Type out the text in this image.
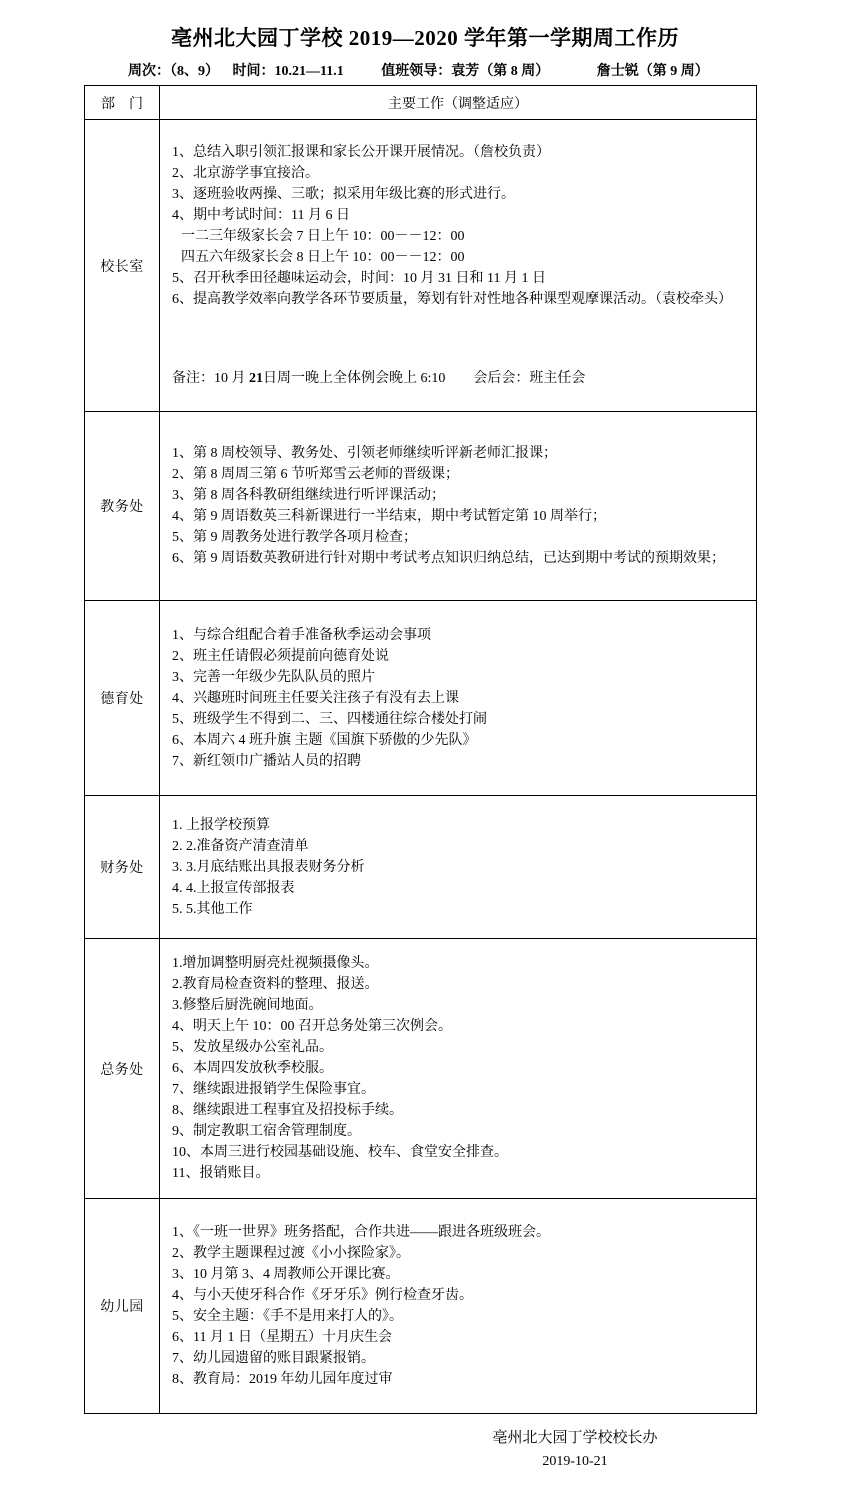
亳州北大园丁学校 2019—2020 学年第一学期周工作历
周次：（8、9） 时间：10.21—11.1	值班领导：袁芳（第 8 周）	詹士锐（第 9 周）
部　门	主要工作（调整适应）
校长室	
1、总结入职引领汇报课和家长公开课开展情况。（詹校负责）
2、北京游学事宜接洽。
3、逐班验收两操、三歌；拟采用年级比赛的形式进行。
4、期中考试时间：11 月 6 日
一二三年级家长会 7 日上午 10：00－－12：00
四五六年级家长会 8 日上午 10：00－－12：00
5、召开秋季田径趣味运动会，时间：10 月 31 日和 11 月 1 日
6、提高教学效率向教学各环节要质量，筹划有针对性地各种课型观摩课活动。（袁校牵头）
备注：10 月 21日周一晚上全体例会晚上 6:10　　会后会：班主任会

教务处	
1、第 8 周校领导、教务处、引领老师继续听评新老师汇报课；
2、第 8 周周三第 6 节听郑雪云老师的晋级课；
3、第 8 周各科教研组继续进行听评课活动；
4、第 9 周语数英三科新课进行一半结束，期中考试暂定第 10 周举行；
5、第 9 周教务处进行教学各项月检查；
6、第 9 周语数英教研进行针对期中考试考点知识归纳总结，已达到期中考试的预期效果；

德育处	
1、与综合组配合着手准备秋季运动会事项
2、班主任请假必须提前向德育处说
3、完善一年级少先队队员的照片
4、兴趣班时间班主任要关注孩子有没有去上课
5、班级学生不得到二、三、四楼通往综合楼处打闹
6、本周六 4 班升旗 主题《国旗下骄傲的少先队》
7、新红领巾广播站人员的招聘

财务处	1. 上报学校预算
2. 2.准备资产清查清单
3. 3.月底结账出具报表财务分析
4. 4.上报宣传部报表
5. 5.其他工作

总务处	
1.增加调整明厨亮灶视频摄像头。
2.教育局检查资料的整理、报送。
3.修整后厨洗碗间地面。
4、明天上午 10：00 召开总务处第三次例会。
5、发放星级办公室礼品。
6、本周四发放秋季校服。
7、继续跟进报销学生保险事宜。
8、继续跟进工程事宜及招投标手续。
9、制定教职工宿舍管理制度。
10、本周三进行校园基础设施、校车、食堂安全排查。
11、报销账目。

幼儿园	
1、《一班一世界》班务搭配，合作共进——跟进各班级班会。
2、教学主题课程过渡《小小探险家》。
3、10 月第 3、4 周教师公开课比赛。
4、与小天使牙科合作《牙牙乐》例行检查牙齿。
5、安全主题：《手不是用来打人的》。
6、11 月 1 日（星期五）十月庆生会
7、幼儿园遗留的账目跟紧报销。
8、教育局：2019 年幼儿园年度过审
亳州北大园丁学校校长办
2019-10-21
